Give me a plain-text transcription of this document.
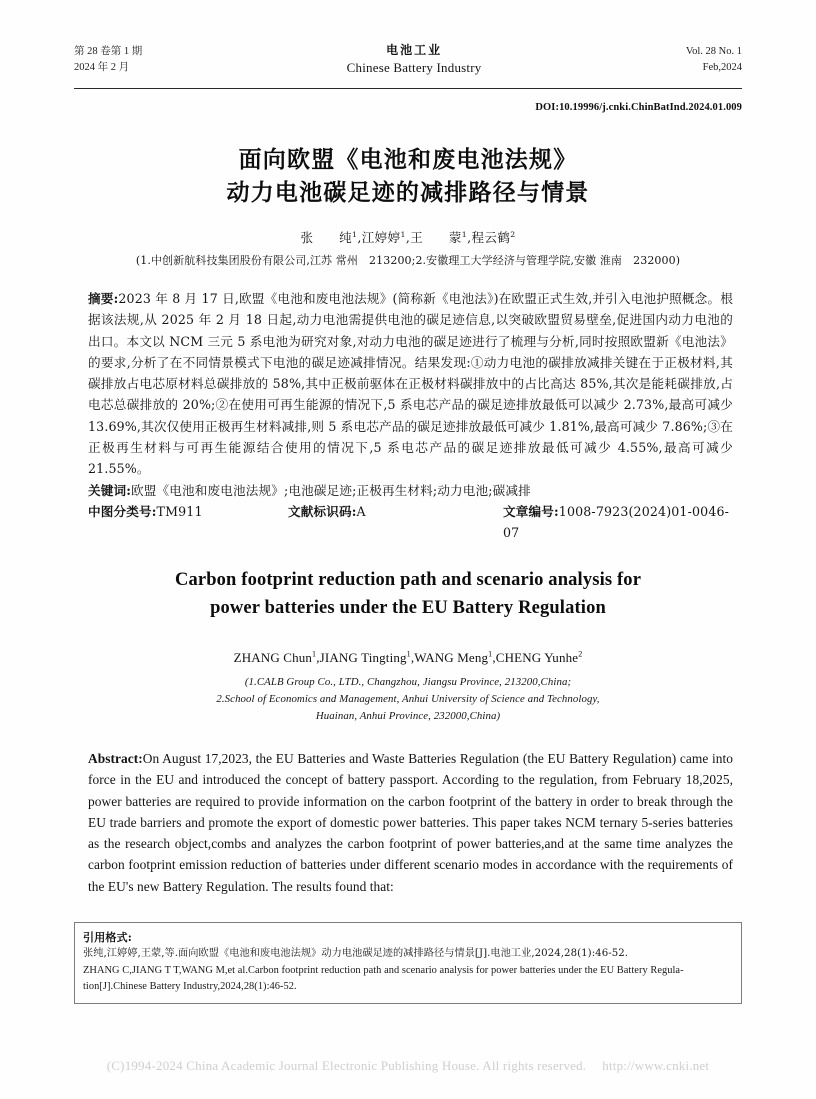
第 28 卷第 1 期
2024 年 2 月
电池工业
Chinese Battery Industry
Vol. 28 No. 1
Feb,2024
DOI:10.19996/j.cnki.ChinBatInd.2024.01.009
面向欧盟《电池和废电池法规》
动力电池碳足迹的减排路径与情景
张　　纯$^1$,江婷婷$^1$,王　　蒙$^1$,程云鹤$^2$
(1.中创新航科技集团股份有限公司,江苏 常州　213200;2.安徽理工大学经济与管理学院,安徽 淮南　232000)

摘要:2023 年 8 月 17 日,欧盟《电池和废电池法规》(简称新《电池法》)在欧盟正式生效,并引入电池护照概念。根据该法规,从 2025 年 2 月 18 日起,动力电池需提供电池的碳足迹信息,以突破欧盟贸易壁垒,促进国内动力电池的出口。本文以 NCM 三元 5 系电池为研究对象,对动力电池的碳足迹进行了梳理与分析,同时按照欧盟新《电池法》的要求,分析了在不同情景模式下电池的碳足迹减排情况。结果发现:①动力电池的碳排放减排关键在于正极材料,其碳排放占电芯原材料总碳排放的 58%,其中正极前驱体在正极材料碳排放中的占比高达 85%,其次是能耗碳排放,占电芯总碳排放的 20%;②在使用可再生能源的情况下,5 系电芯产品的碳足迹排放最低可以减少 2.73%,最高可减少 13.69%,其次仅使用正极再生材料减排,则 5 系电芯产品的碳足迹排放最低可减少 1.81%,最高可减少 7.86%;③在正极再生材料与可再生能源结合使用的情况下,5 系电芯产品的碳足迹排放最低可减少 4.55%,最高可减少 21.55%。

关键词:欧盟《电池和废电池法规》;电池碳足迹;正极再生材料;动力电池;碳减排

中图分类号:TM911	文献标识码:A	文章编号:1008-7923(2024)01-0046-07
Carbon footprint reduction path and scenario analysis for
power batteries under the EU Battery Regulation
ZHANG Chun$^1$,JIANG Tingting$^1$,WANG Meng$^1$,CHENG Yunhe$^2$
(1.CALB Group Co., LTD., Changzhou, Jiangsu Province, 213200,China;
2.School of Economics and Management, Anhui University of Science and Technology,
Huainan, Anhui Province, 232000,China)

Abstract:On August 17,2023, the EU Batteries and Waste Batteries Regulation (the EU Battery Regulation) came into force in the EU and introduced the concept of battery passport. According to the regulation, from February 18,2025, power batteries are required to provide information on the carbon footprint of the battery in order to break through the EU trade barriers and promote the export of domestic power batteries. This paper takes NCM ternary 5-series batteries as the research object,combs and analyzes the carbon footprint of power batteries,and at the same time analyzes the carbon footprint emission reduction of batteries under different scenario modes in accordance with the requirements of the EU's new Battery Regulation. The results found that:

引用格式:
张纯,江婷婷,王蒙,等.面向欧盟《电池和废电池法规》动力电池碳足迹的减排路径与情景[J].电池工业,2024,28(1):46-52.
ZHANG C,JIANG T T,WANG M,et al.Carbon footprint reduction path and scenario analysis for power batteries under the EU Battery Regula-
tion[J].Chinese Battery Industry,2024,28(1):46-52.
(C)1994-2024 China Academic Journal Electronic Publishing House. All rights reserved. http://www.cnki.net
